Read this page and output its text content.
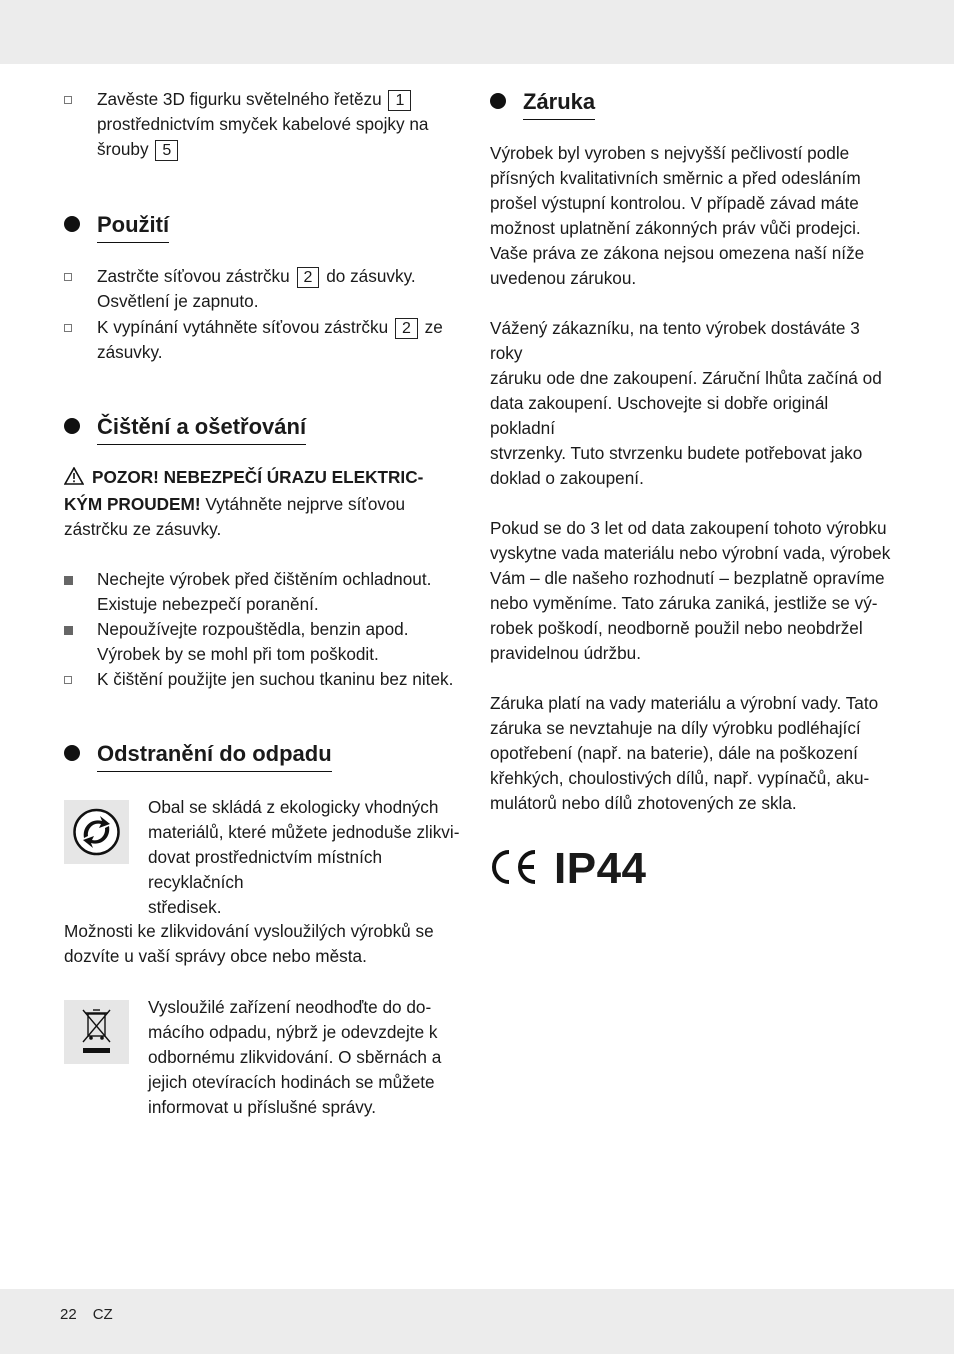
Zavěste 3D figurku světelného řetězu 1
prostřednictvím smyček kabelové spojky na
šrouby 5
Použití
Zastrčte síťovou zástrčku 2 do zásuvky.
Osvětlení je zapnuto.
K vypínání vytáhněte síťovou zástrčku 2 ze
zásuvky.
Čištění a ošetřování
POZOR! NEBEZPEČÍ ÚRAZU ELEKTRIC-
KÝM PROUDEM! Vytáhněte nejprve síťovou
zástrčku ze zásuvky.
Nechejte výrobek před čištěním ochladnout.
Existuje nebezpečí poranění.
Nepoužívejte rozpouštědla, benzin apod.
Výrobek by se mohl při tom poškodit.
K čištění použijte jen suchou tkaninu bez nitek.
Odstranění do odpadu
Obal se skládá z ekologicky vhodných
materiálů, které můžete jednoduše zlikvi-
dovat prostřednictvím místních recyklačních
středisek.
Možnosti ke zlikvidování vysloužilých výrobků se
dozvíte u vaší správy obce nebo města.
Vysloužilé zařízení neodhoďte do do-
mácího odpadu, nýbrž je odevzdejte k
odbornému zlikvidování. O sběrnách a
jejich otevíracích hodinách se můžete
informovat u příslušné správy.
Záruka
Výrobek byl vyroben s nejvyšší pečlivostí podle
přísných kvalitativních směrnic a před odesláním
prošel výstupní kontrolou. V případě závad máte
možnost uplatnění zákonných práv vůči prodejci.
Vaše práva ze zákona nejsou omezena naší níže
uvedenou zárukou.
Vážený zákazníku, na tento výrobek dostáváte 3 roky
záruku ode dne zakoupení. Záruční lhůta začíná od
data zakoupení. Uschovejte si dobře originál pokladní
stvrzenky. Tuto stvrzenku budete potřebovat jako
doklad o zakoupení.
Pokud se do 3 let od data zakoupení tohoto výrobku
vyskytne vada materiálu nebo výrobní vada, výrobek
Vám – dle našeho rozhodnutí – bezplatně opravíme
nebo vyměníme. Tato záruka zaniká, jestliže se vý-
robek poškodí, neodborně použil nebo neobdržel
pravidelnou údržbu.
Záruka platí na vady materiálu a výrobní vady. Tato
záruka se nevztahuje na díly výrobku podléhající
opotřebení (např. na baterie), dále na poškození
křehkých, choulostivých dílů, např. vypínačů, aku-
mulátorů nebo dílů zhotovených ze skla.
IP44
22 CZ
